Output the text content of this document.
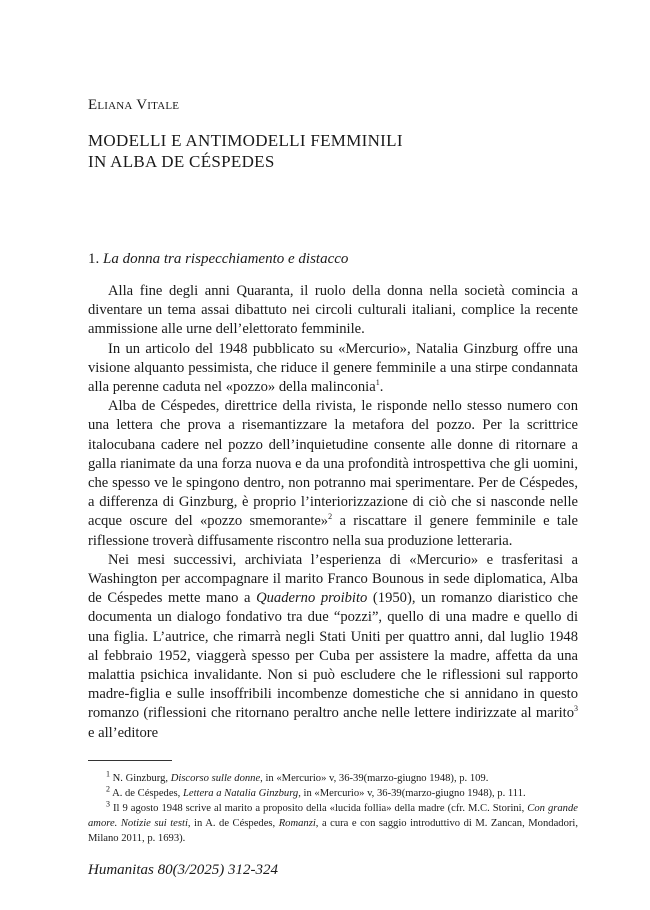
Eliana Vitale
MODELLI E ANTIMODELLI FEMMINILI
IN ALBA DE CÉSPEDES
1. La donna tra rispecchiamento e distacco

Alla fine degli anni Quaranta, il ruolo della donna nella società comincia a diventare un tema assai dibattuto nei circoli culturali italiani, complice la recente ammissione alle urne dell’elettorato femminile.

In un articolo del 1948 pubblicato su «Mercurio», Natalia Ginzburg offre una visione alquanto pessimista, che riduce il genere femminile a una stirpe condannata alla perenne caduta nel «pozzo» della malinconia$^1$.

Alba de Céspedes, direttrice della rivista, le risponde nello stesso numero con una lettera che prova a risemantizzare la metafora del pozzo. Per la scrittrice italocubana cadere nel pozzo dell’inquietudine consente alle donne di ritornare a galla rianimate da una forza nuova e da una profondità introspettiva che gli uomini, che spesso ve le spingono dentro, non potranno mai sperimentare. Per de Céspedes, a differenza di Ginzburg, è proprio l’interiorizzazione di ciò che si nasconde nelle acque oscure del «pozzo smemorante»$^2$ a riscattare il genere femminile e tale riflessione troverà diffusamente riscontro nella sua produzione letteraria.

Nei mesi successivi, archiviata l’esperienza di «Mercurio» e trasferitasi a Washington per accompagnare il marito Franco Bounous in sede diplomatica, Alba de Céspedes mette mano a Quaderno proibito (1950), un romanzo diaristico che documenta un dialogo fondativo tra due “pozzi”, quello di una madre e quello di una figlia. L’autrice, che rimarrà negli Stati Uniti per quattro anni, dal luglio 1948 al febbraio 1952, viaggerà spesso per Cuba per assistere la madre, affetta da una malattia psichica invalidante. Non si può escludere che le riflessioni sul rapporto madre-figlia e sulle insoffribili incombenze domestiche che si annidano in questo romanzo (riflessioni che ritornano peraltro anche nelle lettere indirizzate al marito$^3$ e all’editore

$^1$ N. Ginzburg, Discorso sulle donne, in «Mercurio» v, 36-39(marzo-giugno 1948), p. 109.

$^2$ A. de Céspedes, Lettera a Natalia Ginzburg, in «Mercurio» v, 36-39(marzo-giugno 1948), p. 111.

$^3$ Il 9 agosto 1948 scrive al marito a proposito della «lucida follia» della madre (cfr. M.C. Storini, Con grande amore. Notizie sui testi, in A. de Céspedes, Romanzi, a cura e con saggio introduttivo di M. Zancan, Mondadori, Milano 2011, p. 1693).

Humanitas 80(3/2025) 312-324
